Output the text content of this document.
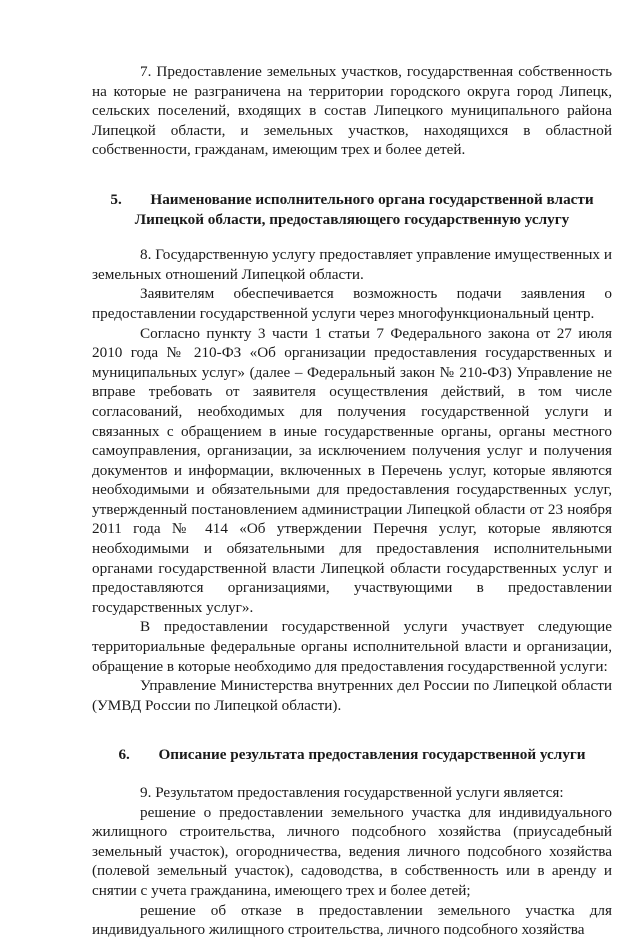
7. Предоставление земельных участков, государственная собственность на которые не разграничена на территории городского округа город Липецк, сельских поселений, входящих в состав Липецкого муниципального района Липецкой области, и земельных участков, находящихся в областной собственности, гражданам, имеющим трех и более детей.

5. Наименование исполнительного органа государственной власти
Липецкой области, предоставляющего государственную услугу

8. Государственную услугу предоставляет управление имущественных и земельных отношений Липецкой области.

Заявителям обеспечивается возможность подачи заявления о предоставлении государственной услуги через многофункциональный центр.

Согласно пункту 3 части 1 статьи 7 Федерального закона от 27 июля 2010 года № 210-ФЗ «Об организации предоставления государственных и муниципальных услуг» (далее – Федеральный закон № 210-ФЗ) Управление не вправе требовать от заявителя осуществления действий, в том числе согласований, необходимых для получения государственной услуги и связанных с обращением в иные государственные органы, органы местного самоуправления, организации, за исключением получения услуг и получения документов и информации, включенных в Перечень услуг, которые являются необходимыми и обязательными для предоставления государственных услуг, утвержденный постановлением администрации Липецкой области от 23 ноября 2011 года № 414 «Об утверждении Перечня услуг, которые являются необходимыми и обязательными для предоставления исполнительными органами государственной власти Липецкой области государственных услуг и предоставляются организациями, участвующими в предоставлении государственных услуг».

В предоставлении государственной услуги участвует следующие территориальные федеральные органы исполнительной власти и организации, обращение в которые необходимо для предоставления государственной услуги:

Управление Министерства внутренних дел России по Липецкой области (УМВД России по Липецкой области).

6. Описание результата предоставления государственной услуги

9. Результатом предоставления государственной услуги является:

решение о предоставлении земельного участка для индивидуального жилищного строительства, личного подсобного хозяйства (приусадебный земельный участок), огородничества, ведения личного подсобного хозяйства (полевой земельный участок), садоводства, в собственность или в аренду и снятии с учета гражданина, имеющего трех и более детей;

решение об отказе в предоставлении земельного участка для индивидуального жилищного строительства, личного подсобного хозяйства
